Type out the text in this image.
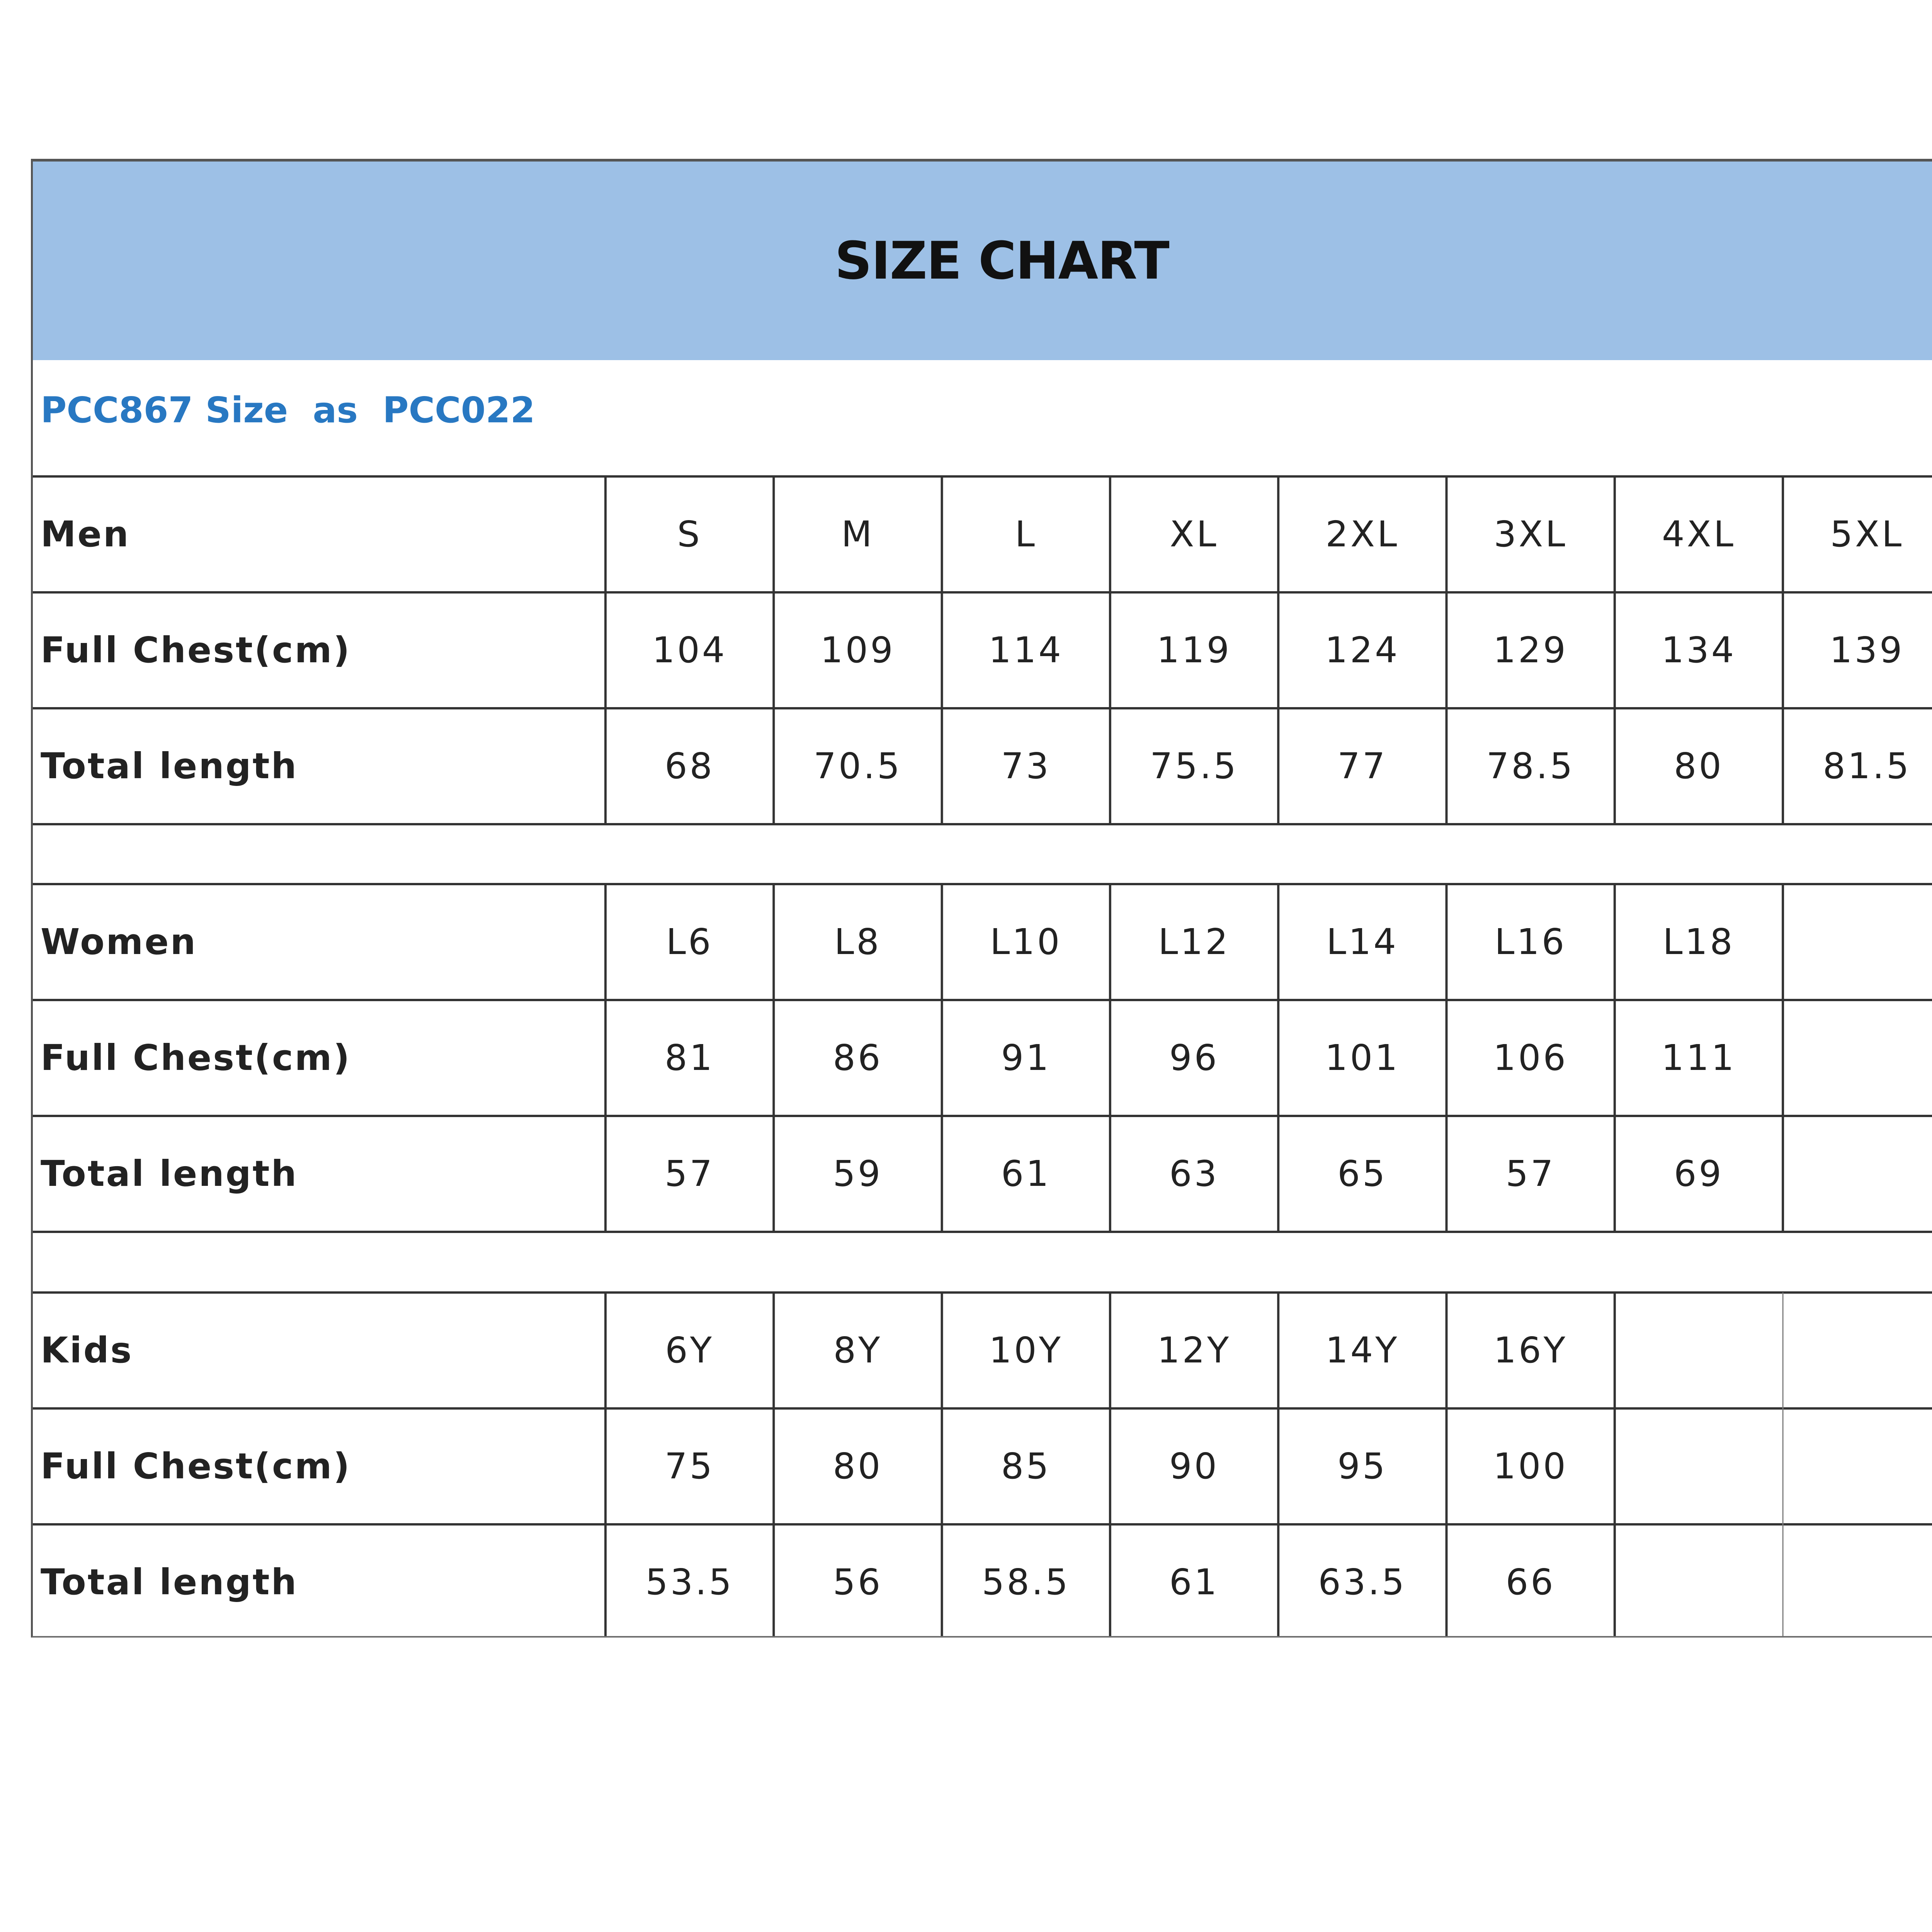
SIZE CHART
PCC867 Size  as  PCC022
Men	S	M	L	XL	2XL	3XL	4XL	5XL
Full Chest(cm)	104	109	114	119	124	129	134	139
Total length	68	70.5	73	75.5	77	78.5	80	81.5
Women	L6	L8	L10	L12	L14	L16	L18
Full Chest(cm)	81	86	91	96	101	106	111
Total length	57	59	61	63	65	57	69
Kids	6Y	8Y	10Y	12Y	14Y	16Y
Full Chest(cm)	75	80	85	90	95	100
Total length	53.5	56	58.5	61	63.5	66
